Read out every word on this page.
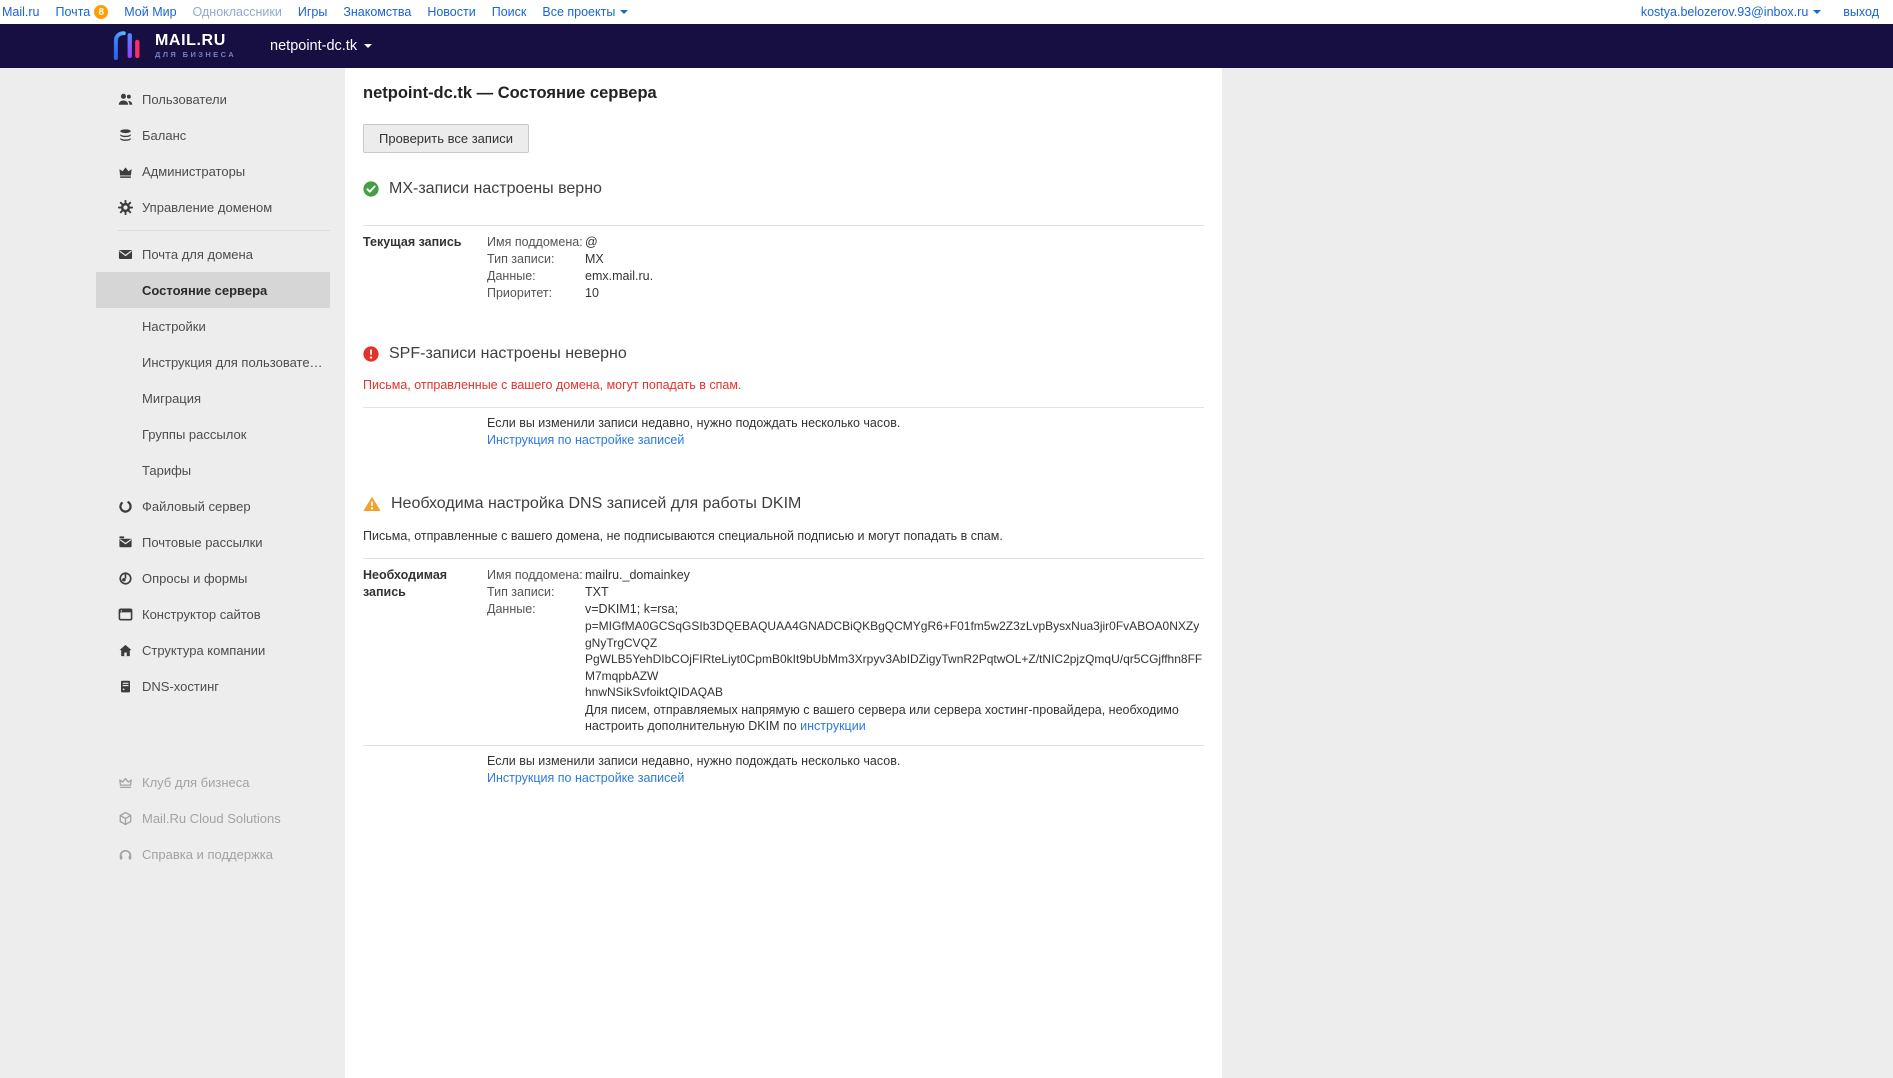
Mail.ru Почта 8	Мой Мир Одноклассники Игры Знакомства Новости Поиск Все проекты	kostya.belozerov.93@inbox.ru	выход
MAIL.RU
ДЛЯ БИЗНЕСА
netpoint-dc.tk
Пользователи
Баланс
Администраторы
Управление доменом
Почта для домена
Состояние сервера
Настройки
Инструкция для пользовате…
Миграция
Группы рассылок
Тарифы
Файловый сервер
Почтовые рассылки
Опросы и формы
Конструктор сайтов
Структура компании
DNS-хостинг
Клуб для бизнеса
Mail.Ru Cloud Solutions
Справка и поддержка
netpoint-dc.tk — Состояние сервера
Проверить все записи
MX-записи настроены верно
Текущая запись	Имя поддомена: @
Тип записи:	MX
Данные:	emx.mail.ru.
Приоритет:	10
SPF-записи настроены неверно
Письма, отправленные с вашего домена, могут попадать в спам.
Если вы изменили записи недавно, нужно подождать несколько часов.
Инструкция по настройке записей
Необходима настройка DNS записей для работы DKIM
Письма, отправленные с вашего домена, не подписываются специальной подписью и могут попадать в спам.
Необходимая запись
Имя поддомена: mailru._domainkey
Тип записи:	TXT
Данные:	v=DKIM1; k=rsa;
p=MIGfMA0GCSqGSIb3DQEBAQUAA4GNADCBiQKBgQCMYgR6+F01fm5w2Z3zLvpBysxNua3jir0FvABOA0NXZygNyTrgCVQZ
PgWLB5YehDIbCOjFIRteLiyt0CpmB0kIt9bUbMm3Xrpyv3AbIDZigyTwnR2PqtwOL+Z/tNIC2pjzQmqU/qr5CGjffhn8FFM7mqpbAZW
hnwNSikSvfoiktQIDAQAB
Для писем, отправляемых напрямую с вашего сервера или сервера хостинг-провайдера, необходимо настроить дополнительную DKIM по инструкции
Если вы изменили записи недавно, нужно подождать несколько часов.
Инструкция по настройке записей
